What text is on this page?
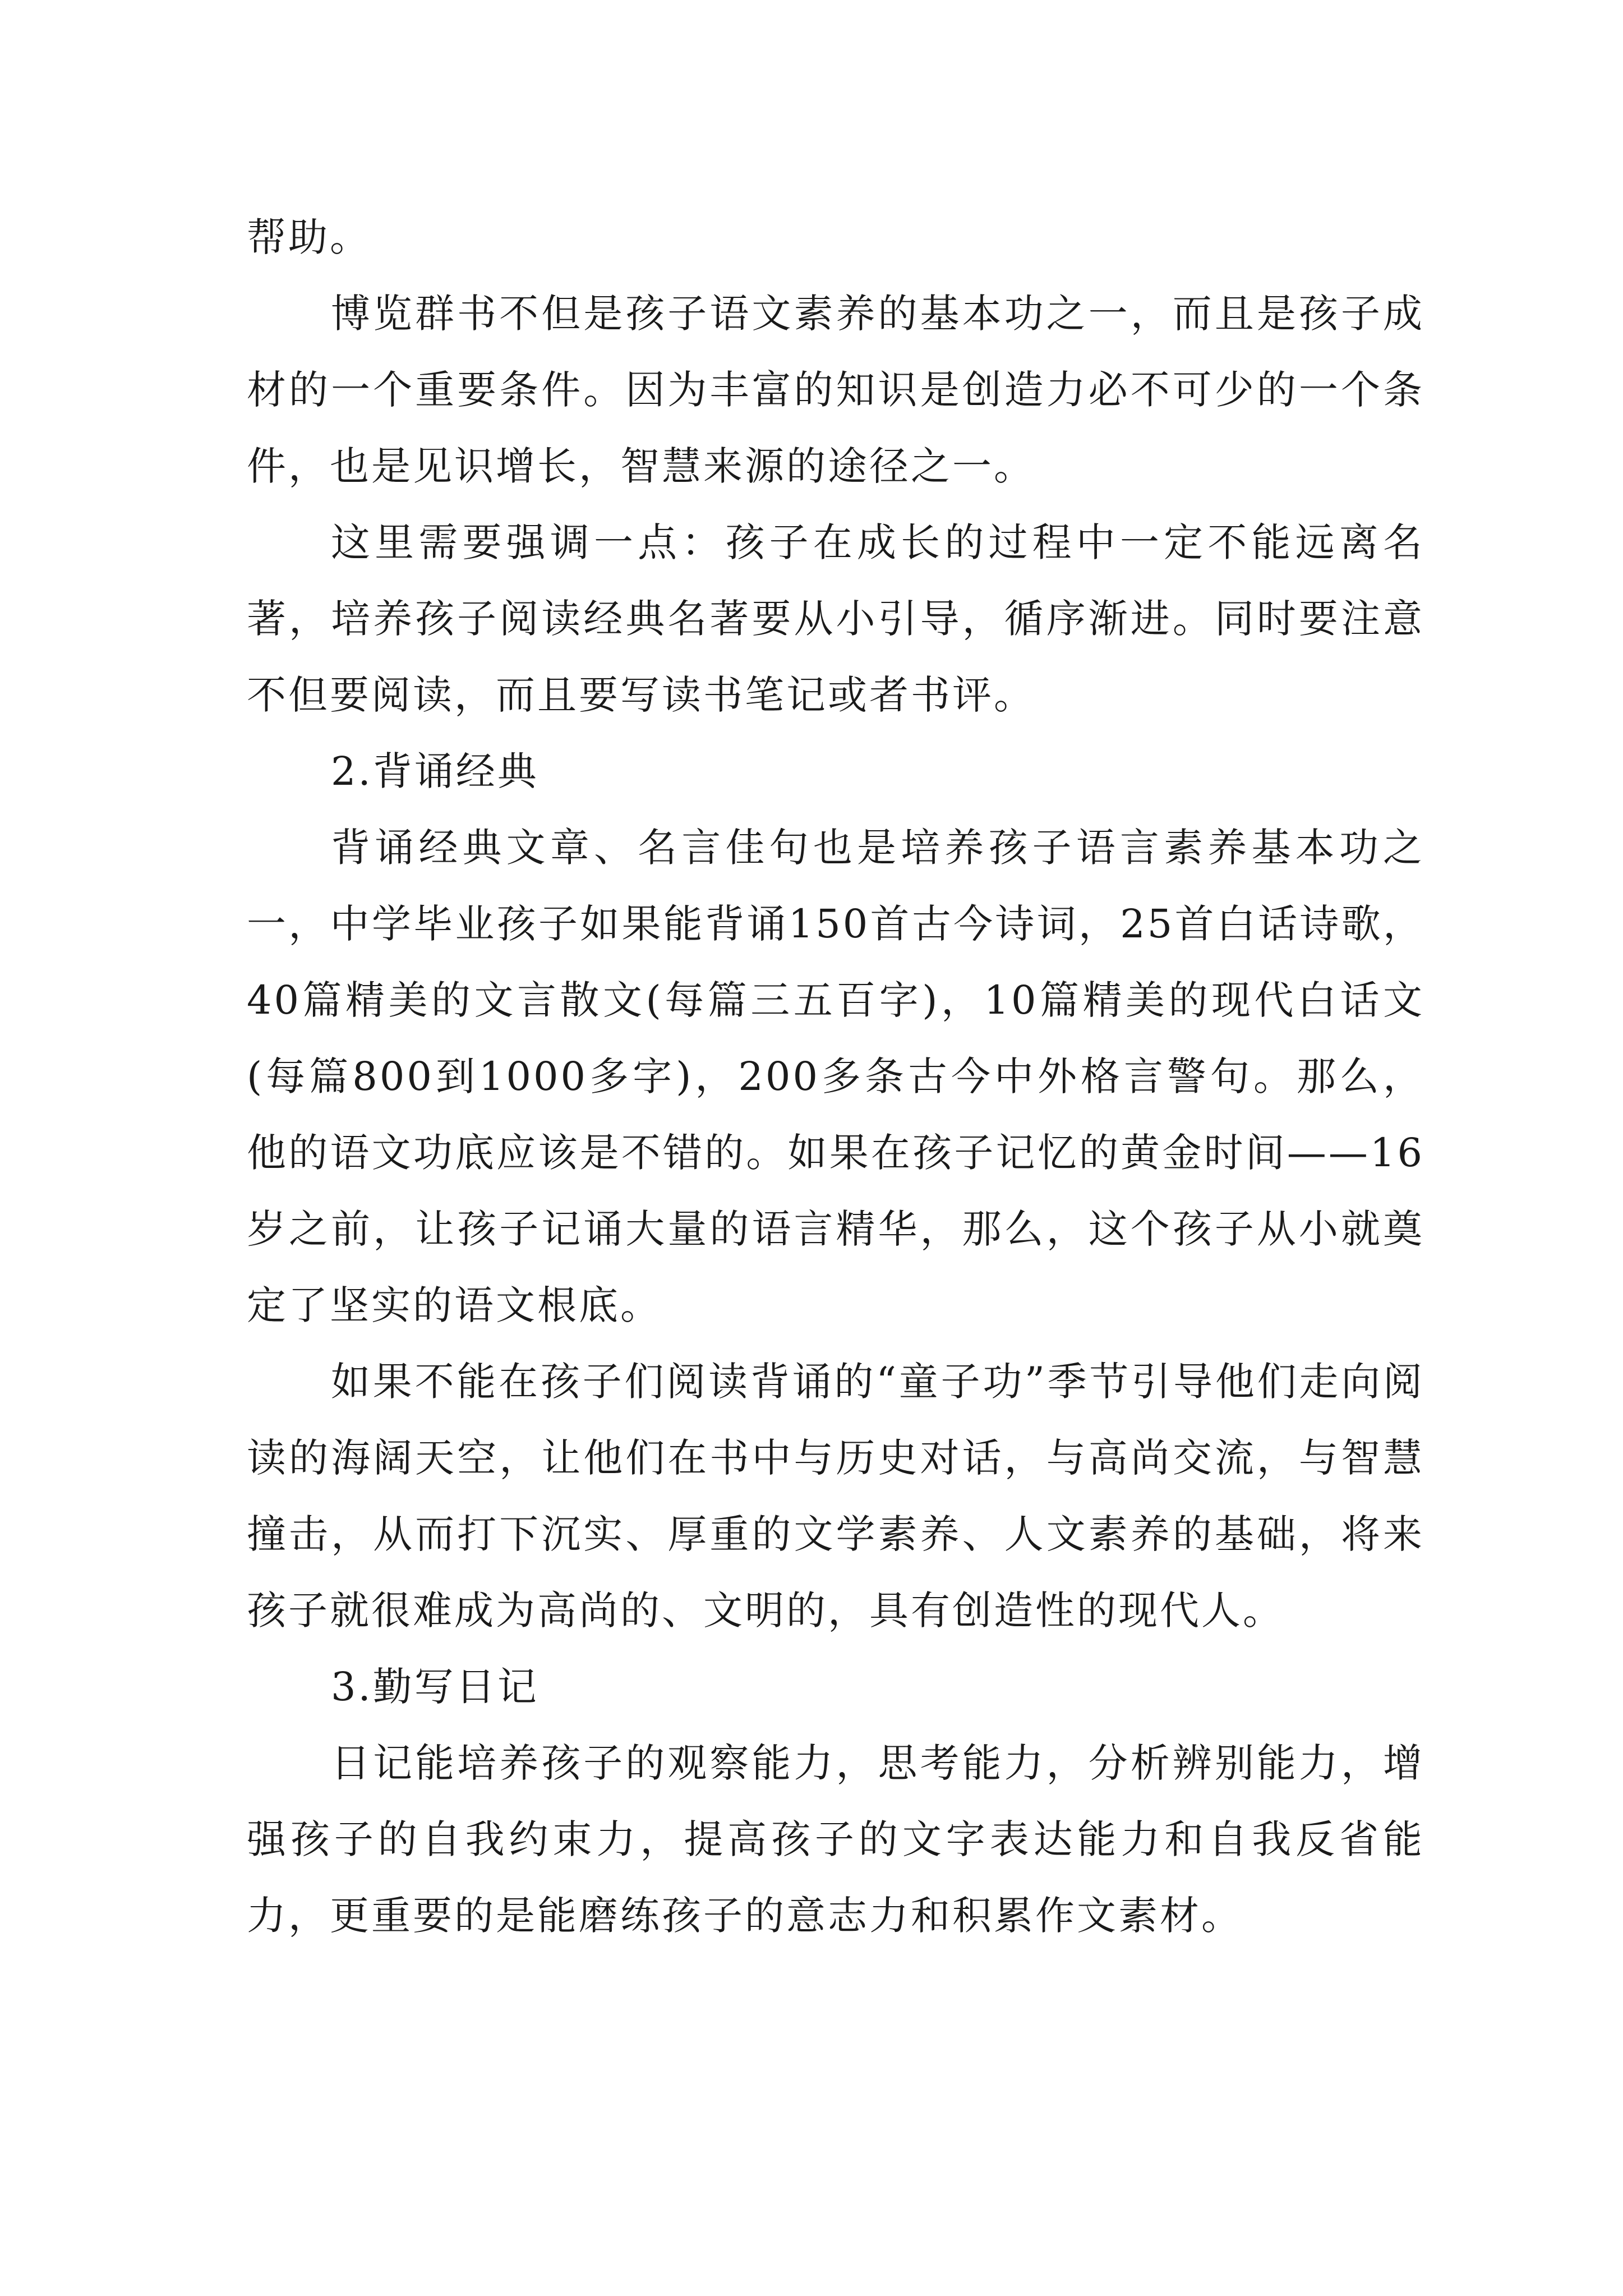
帮助。

博览群书不但是孩子语文素养的基本功之一，而且是孩子成材的一个重要条件。因为丰富的知识是创造力必不可少的一个条件，也是见识增长，智慧来源的途径之一。

这里需要强调一点：孩子在成长的过程中一定不能远离名著，培养孩子阅读经典名著要从小引导，循序渐进。同时要注意不但要阅读，而且要写读书笔记或者书评。

2.背诵经典

背诵经典文章、名言佳句也是培养孩子语言素养基本功之一，中学毕业孩子如果能背诵150首古今诗词，25首白话诗歌，40篇精美的文言散文(每篇三五百字)，10篇精美的现代白话文(每篇800到1000多字)，200多条古今中外格言警句。那么，他的语文功底应该是不错的。如果在孩子记忆的黄金时间——16岁之前，让孩子记诵大量的语言精华，那么，这个孩子从小就奠定了坚实的语文根底。

如果不能在孩子们阅读背诵的“童子功”季节引导他们走向阅读的海阔天空，让他们在书中与历史对话，与高尚交流，与智慧撞击，从而打下沉实、厚重的文学素养、人文素养的基础，将来孩子就很难成为高尚的、文明的，具有创造性的现代人。

3.勤写日记

日记能培养孩子的观察能力，思考能力，分析辨别能力，增强孩子的自我约束力，提高孩子的文字表达能力和自我反省能力，更重要的是能磨练孩子的意志力和积累作文素材。
